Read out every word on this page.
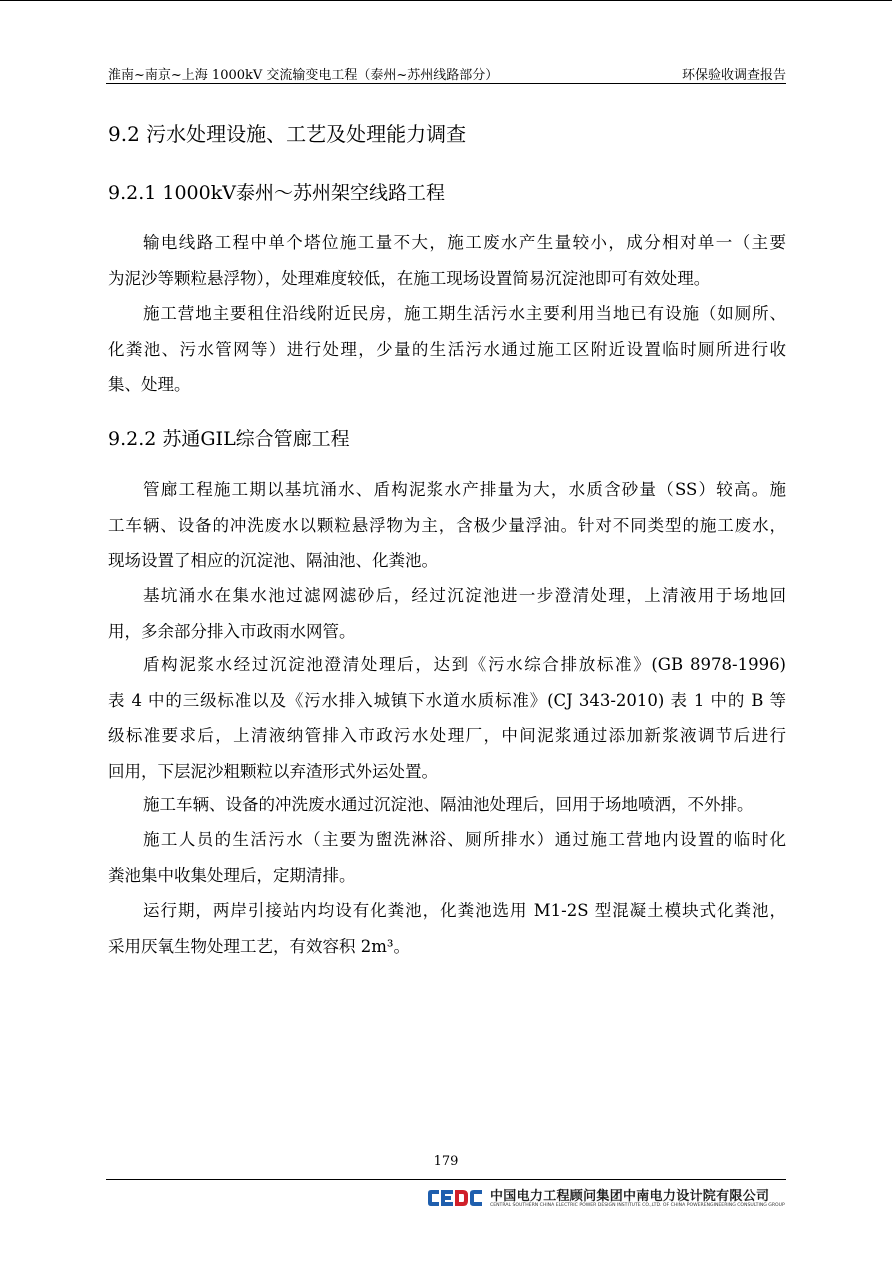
淮南~南京~上海 1000kV 交流输变电工程（泰州~苏州线路部分）	环保验收调查报告
9.2 污水处理设施、工艺及处理能力调查
9.2.1 1000kV泰州～苏州架空线路工程
输电线路工程中单个塔位施工量不大，施工废水产生量较小，成分相对单一（主要
为泥沙等颗粒悬浮物），处理难度较低，在施工现场设置简易沉淀池即可有效处理。
施工营地主要租住沿线附近民房，施工期生活污水主要利用当地已有设施（如厕所、
化粪池、污水管网等）进行处理，少量的生活污水通过施工区附近设置临时厕所进行收
集、处理。
9.2.2 苏通GIL综合管廊工程
管廊工程施工期以基坑涌水、盾构泥浆水产排量为大，水质含砂量（SS）较高。施
工车辆、设备的冲洗废水以颗粒悬浮物为主，含极少量浮油。针对不同类型的施工废水，
现场设置了相应的沉淀池、隔油池、化粪池。
基坑涌水在集水池过滤网滤砂后，经过沉淀池进一步澄清处理，上清液用于场地回
用，多余部分排入市政雨水网管。
盾构泥浆水经过沉淀池澄清处理后，达到《污水综合排放标准》(GB 8978-1996)
表 4 中的三级标准以及《污水排入城镇下水道水质标准》(CJ 343-2010) 表 1 中的 B 等
级标准要求后，上清液纳管排入市政污水处理厂，中间泥浆通过添加新浆液调节后进行
回用，下层泥沙粗颗粒以弃渣形式外运处置。
施工车辆、设备的冲洗废水通过沉淀池、隔油池处理后，回用于场地喷洒，不外排。
施工人员的生活污水（主要为盥洗淋浴、厕所排水）通过施工营地内设置的临时化
粪池集中收集处理后，定期清排。
运行期，两岸引接站内均设有化粪池，化粪池选用 M1-2S 型混凝土模块式化粪池，
采用厌氧生物处理工艺，有效容积 2m³。
179
中国电力工程顾问集团中南电力设计院有限公司
CENTRAL SOUTHERN CHINA ELECTRIC POWER DESIGN INSTITUTE CO.,LTD. OF CHINA POWERENGINEERING CONSULTING GROUP
